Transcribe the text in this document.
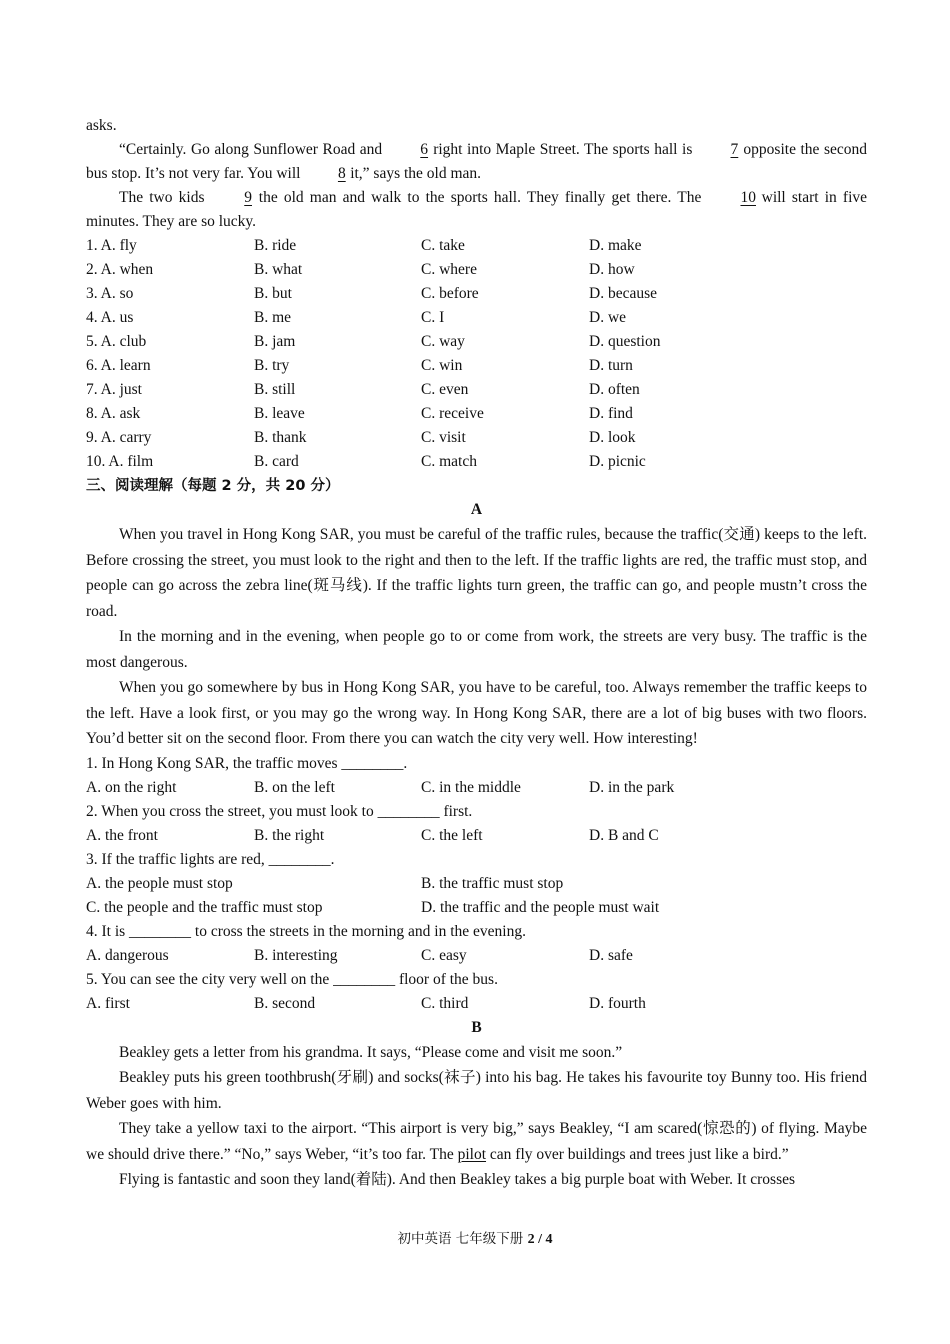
asks.
“Certainly. Go along Sunflower Road and 6 right into Maple Street. The sports hall is 7 opposite the second bus stop. It’s not very far. You will 8 it,” says the old man.
The two kids 9 the old man and walk to the sports hall. They finally get there. The 10 will start in five minutes. They are so lucky.
1. A. fly	B. ride	C. take	D. make
2. A. when	B. what	C. where	D. how
3. A. so	B. but	C. before	D. because
4. A. us	B. me	C. I	D. we
5. A. club	B. jam	C. way	D. question
6. A. learn	B. try	C. win	D. turn
7. A. just	B. still	C. even	D. often
8. A. ask	B. leave	C. receive	D. find
9. A. carry	B. thank	C. visit	D. look
10. A. film	B. card	C. match	D. picnic
三、阅读理解（每题 2 分，共 20 分）
A
When you travel in Hong Kong SAR, you must be careful of the traffic rules, because the traffic(交通) keeps to the left. Before crossing the street, you must look to the right and then to the left. If the traffic lights are red, the traffic must stop, and people can go across the zebra line(斑马线). If the traffic lights turn green, the traffic can go, and people mustn’t cross the road.
In the morning and in the evening, when people go to or come from work, the streets are very busy. The traffic is the most dangerous.
When you go somewhere by bus in Hong Kong SAR, you have to be careful, too. Always remember the traffic keeps to the left. Have a look first, or you may go the wrong way. In Hong Kong SAR, there are a lot of big buses with two floors. You’d better sit on the second floor. From there you can watch the city very well. How interesting!
1. In Hong Kong SAR, the traffic moves ________.
A. on the right	B. on the left	C. in the middle	D. in the park
2. When you cross the street, you must look to ________ first.
A. the front	B. the right	C. the left	D. B and C
3. If the traffic lights are red, ________.
A. the people must stop	B. the traffic must stop
C. the people and the traffic must stop	D. the traffic and the people must wait
4. It is ________ to cross the streets in the morning and in the evening.
A. dangerous	B. interesting	C. easy	D. safe
5. You can see the city very well on the ________ floor of the bus.
A. first	B. second	C. third	D. fourth
B
Beakley gets a letter from his grandma. It says, “Please come and visit me soon.”
Beakley puts his green toothbrush(牙刷) and socks(袜子) into his bag. He takes his favourite toy Bunny too. His friend Weber goes with him.
They take a yellow taxi to the airport. “This airport is very big,” says Beakley, “I am scared(惊恐的) of flying. Maybe we should drive there.” “No,” says Weber, “it’s too far. The pilot can fly over buildings and trees just like a bird.”
Flying is fantastic and soon they land(着陆). And then Beakley takes a big purple boat with Weber. It crosses
初中英语 七年级下册 2 / 4
